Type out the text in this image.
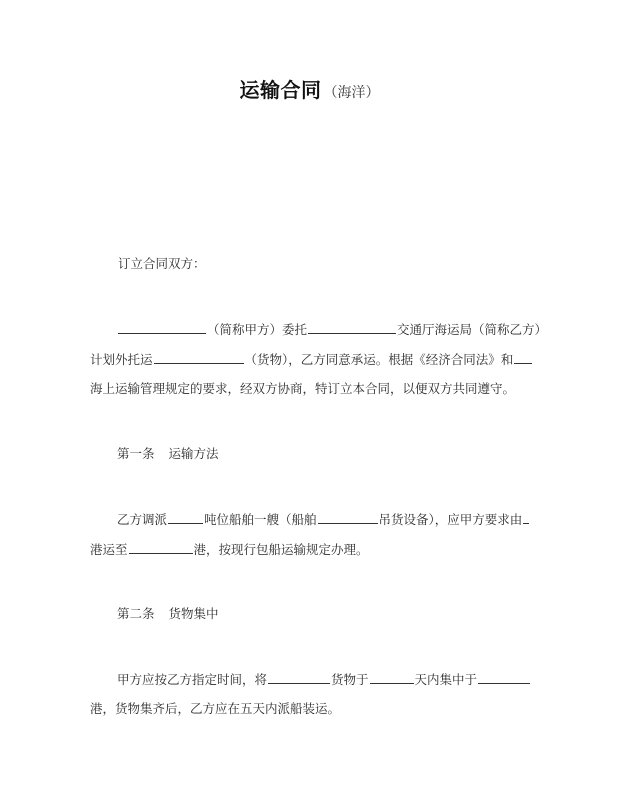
运输合同 （海洋）
订立合同双方：
（简称甲方）委托	交通厅海运局（简称乙方）
计划外托运	（货物），乙方同意承运。根据《经济合同法》和
海上运输管理规定的要求，经双方协商，特订立本合同，以便双方共同遵守。
第一条 运输方法
乙方调派	吨位船舶一艘（船舶	吊货设备），应甲方要求由
港运至	港，按现行包船运输规定办理。
第二条 货物集中
甲方应按乙方指定时间，将	货物于	天内集中于
港，货物集齐后，乙方应在五天内派船装运。
